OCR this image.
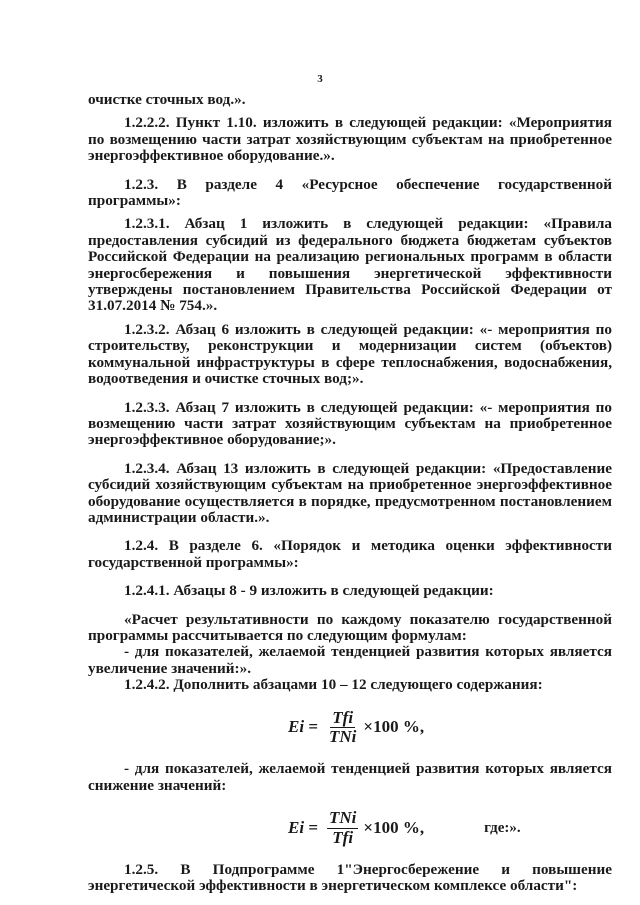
3

очистке сточных вод.».

1.2.2.2. Пункт 1.10. изложить в следующей редакции: «Мероприятия по возмещению части затрат хозяйствующим субъектам на приобретенное энергоэффективное оборудование.».

1.2.3. В разделе 4 «Ресурсное обеспечение государственной программы»:

1.2.3.1. Абзац 1 изложить в следующей редакции: «Правила предоставления субсидий из федерального бюджета бюджетам субъектов Российской Федерации на реализацию региональных программ в области энергосбережения и повышения энергетической эффективности утверждены постановлением Правительства Российской Федерации от 31.07.2014 № 754.».

1.2.3.2. Абзац 6 изложить в следующей редакции: «- мероприятия по строительству, реконструкции и модернизации систем (объектов) коммунальной инфраструктуры в сфере теплоснабжения, водоснабжения, водоотведения и очистке сточных вод;».

1.2.3.3. Абзац 7 изложить в следующей редакции: «- мероприятия по возмещению части затрат хозяйствующим субъектам на приобретенное энергоэффективное оборудование;».

1.2.3.4. Абзац 13 изложить в следующей редакции: «Предоставление субсидий хозяйствующим субъектам на приобретенное энергоэффективное оборудование осуществляется в порядке, предусмотренном постановлением администрации области.».

1.2.4. В разделе 6. «Порядок и методика оценки эффективности государственной программы»:

1.2.4.1. Абзацы 8 - 9 изложить в следующей редакции:

«Расчет результативности по каждому показателю государственной программы рассчитывается по следующим формулам:

- для показателей, желаемой тенденцией развития которых является увеличение значений:».

1.2.4.2. Дополнить абзацами 10 – 12 следующего содержания:

$Ei = \frac{\text{Tfi}}{\text{TNi}} \times 100$ %,

- для показателей, желаемой тенденцией развития которых является снижение значений:

$Ei = \frac{\text{TNi}}{\text{Tfi}} \times 100$ %,	где:».

1.2.5. В Подпрограмме 1"Энергосбережение и повышение энергетической эффективности в энергетическом комплексе области":
